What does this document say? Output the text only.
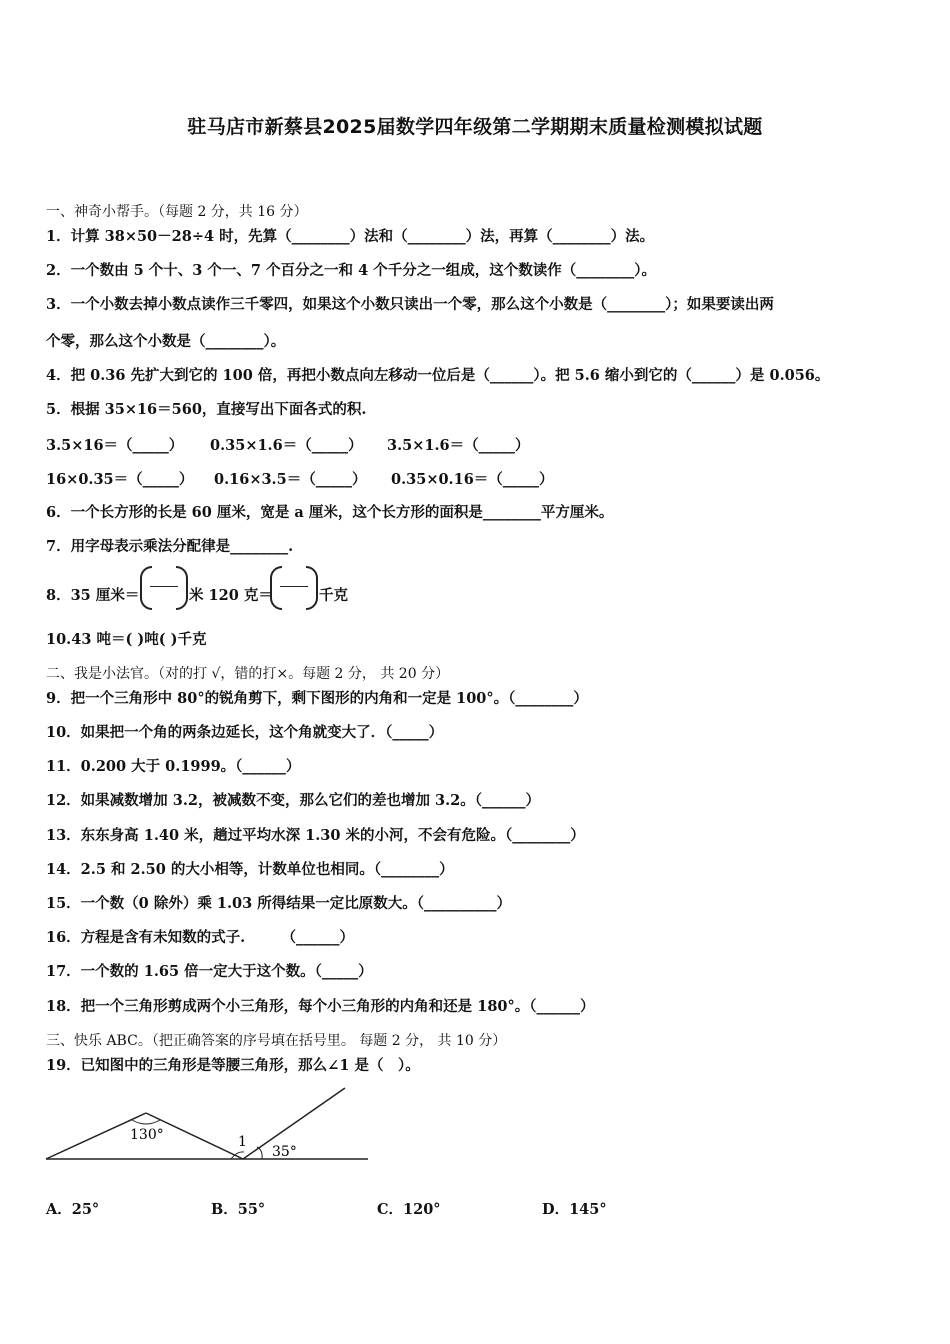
驻马店市新蔡县2025届数学四年级第二学期期末质量检测模拟试题
一、神奇小帮手。（每题 2 分，共 16 分）
1．计算 38×50－28÷4 时，先算（________）法和（________）法，再算（________）法。
2．一个数由 5 个十、3 个一、7 个百分之一和 4 个千分之一组成，这个数读作（________）。
3．一个小数去掉小数点读作三千零四，如果这个小数只读出一个零，那么这个小数是（________）；如果要读出两
个零，那么这个小数是（________）。
4．把 0.36 先扩大到它的 100 倍，再把小数点向左移动一位后是（______）。把 5.6 缩小到它的（______）是 0.056。
5．根据 35×16＝560，直接写出下面各式的积.
3.5×16＝（_____） 0.35×1.6＝（_____） 3.5×1.6＝（_____）
16×0.35＝（_____） 0.16×3.5＝（_____） 0.35×0.16＝（_____）
6．一个长方形的长是 60 厘米，宽是 a 厘米，这个长方形的面积是________平方厘米。
7．用字母表示乘法分配律是________.
8．35 厘米＝	米 120 克＝	千克
10.43 吨＝( )吨( )千克
二、我是小法官。（对的打 √，错的打×。每题 2 分， 共 20 分）
9．把一个三角形中 80°的锐角剪下，剩下图形的内角和一定是 100°。（________）
10．如果把一个角的两条边延长，这个角就变大了．（_____）
11．0.200 大于 0.1999。（______）
12．如果减数增加 3.2，被减数不变，那么它们的差也增加 3.2。（______）
13．东东身高 1.40 米，趟过平均水深 1.30 米的小河，不会有危险。（________）
14．2.5 和 2.50 的大小相等，计数单位也相同。（________）
15．一个数（0 除外）乘 1.03 所得结果一定比原数大。（__________）
16．方程是含有未知数的式子.　　　（______）
17．一个数的 1.65 倍一定大于这个数。（_____）
18．把一个三角形剪成两个小三角形，每个小三角形的内角和还是 180°。（______）
三、快乐 ABC。（把正确答案的序号填在括号里。 每题 2 分， 共 10 分）
19．已知图中的三角形是等腰三角形，那么∠1 是（　）。
130°	1
35°
A．25°	B．55°	C．120°	D．145°
